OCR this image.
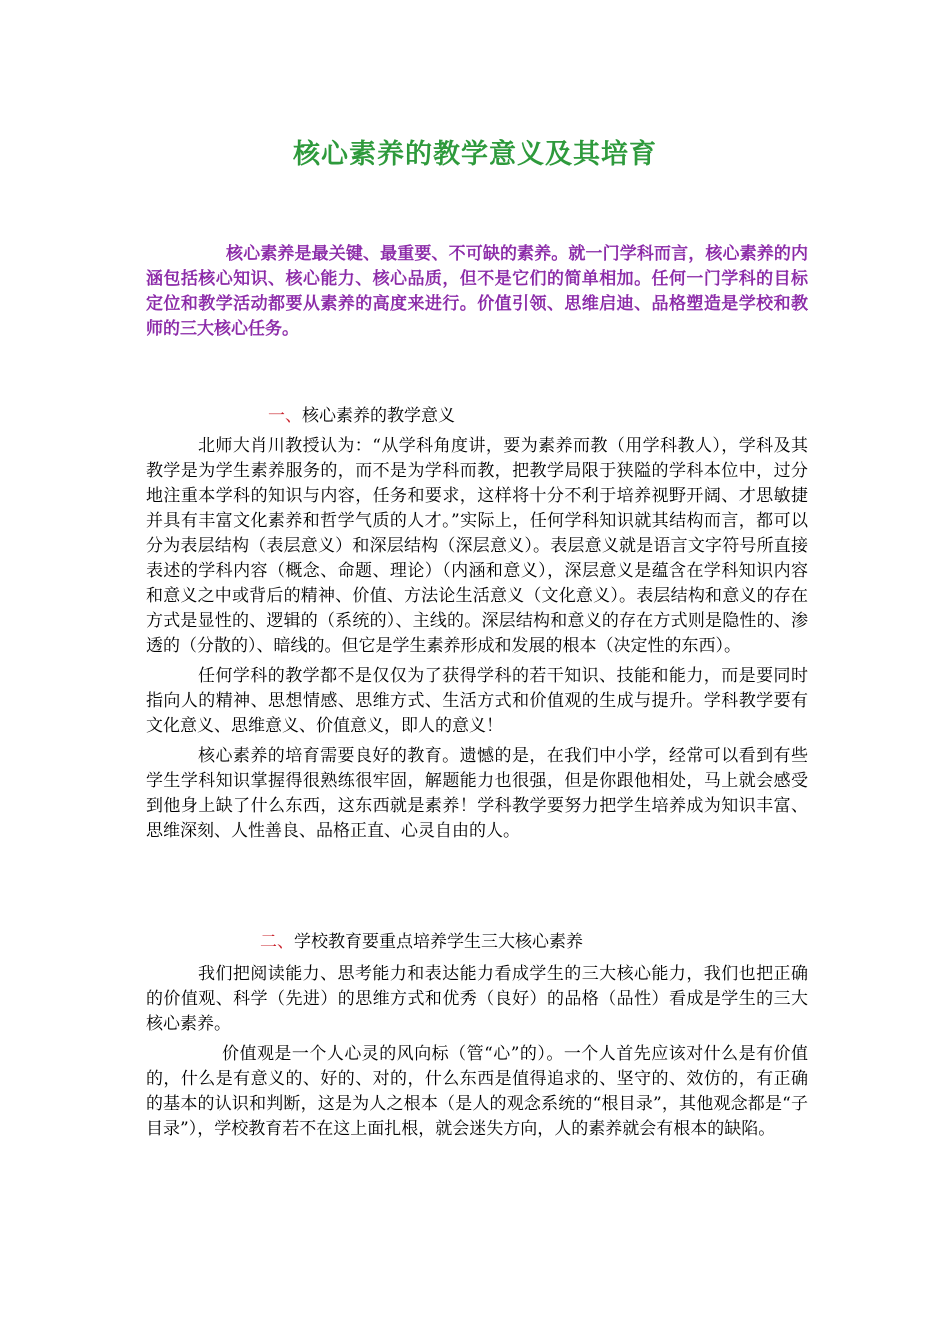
核心素养的教学意义及其培育
核心素养是最关键、最重要、不可缺的素养。就一门学科而言，核心素养的内涵包括核心知识、核心能力、核心品质，但不是它们的简单相加。任何一门学科的目标定位和教学活动都要从素养的高度来进行。价值引领、思维启迪、品格塑造是学校和教师的三大核心任务。
一、核心素养的教学意义

北师大肖川教授认为：“从学科角度讲，要为素养而教（用学科教人），学科及其教学是为学生素养服务的，而不是为学科而教，把教学局限于狭隘的学科本位中，过分地注重本学科的知识与内容，任务和要求，这样将十分不利于培养视野开阔、才思敏捷并具有丰富文化素养和哲学气质的人才。”实际上，任何学科知识就其结构而言，都可以分为表层结构（表层意义）和深层结构（深层意义）。表层意义就是语言文字符号所直接表述的学科内容（概念、命题、理论）（内涵和意义），深层意义是蕴含在学科知识内容和意义之中或背后的精神、价值、方法论生活意义（文化意义）。表层结构和意义的存在方式是显性的、逻辑的（系统的）、主线的。深层结构和意义的存在方式则是隐性的、渗透的（分散的）、暗线的。但它是学生素养形成和发展的根本（决定性的东西）。

任何学科的教学都不是仅仅为了获得学科的若干知识、技能和能力，而是要同时指向人的精神、思想情感、思维方式、生活方式和价值观的生成与提升。学科教学要有文化意义、思维意义、价值意义，即人的意义！

核心素养的培育需要良好的教育。遗憾的是，在我们中小学，经常可以看到有些学生学科知识掌握得很熟练很牢固，解题能力也很强，但是你跟他相处，马上就会感受到他身上缺了什么东西，这东西就是素养！学科教学要努力把学生培养成为知识丰富、思维深刻、人性善良、品格正直、心灵自由的人。

二、学校教育要重点培养学生三大核心素养

我们把阅读能力、思考能力和表达能力看成学生的三大核心能力，我们也把正确的价值观、科学（先进）的思维方式和优秀（良好）的品格（品性）看成是学生的三大核心素养。

价值观是一个人心灵的风向标（管“心”的）。一个人首先应该对什么是有价值的，什么是有意义的、好的、对的，什么东西是值得追求的、坚守的、效仿的，有正确的基本的认识和判断，这是为人之根本（是人的观念系统的“根目录”，其他观念都是“子目录”），学校教育若不在这上面扎根，就会迷失方向，人的素养就会有根本的缺陷。
